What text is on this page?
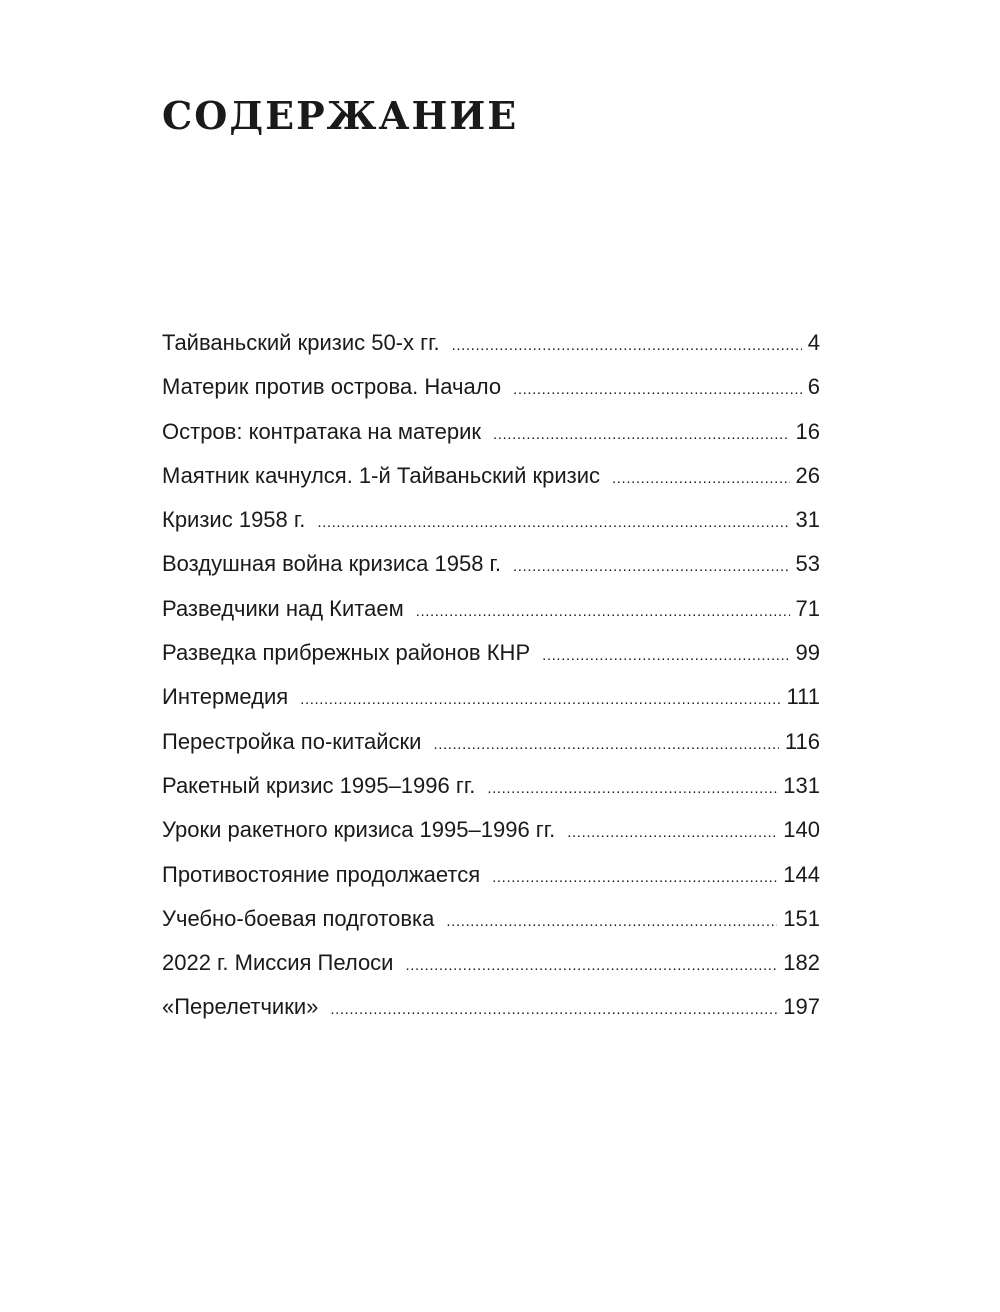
СОДЕРЖАНИЕ
Тайваньский кризис 50-х гг. .....	4
Материк против острова. Начало .....	6
Остров: контратака на материк .....	16
Маятник качнулся. 1-й Тайваньский кризис .....	26
Кризис 1958 г. .....	31
Воздушная война кризиса 1958 г. .....	53
Разведчики над Китаем .....	71
Разведка прибрежных районов КНР .....	99
Интермедия .....	111
Перестройка по-китайски .....	116
Ракетный кризис 1995–1996 гг. .....	131
Уроки ракетного кризиса 1995–1996 гг. .....	140
Противостояние продолжается .....	144
Учебно-боевая подготовка .....	151
2022 г. Миссия Пелоси .....	182
«Перелетчики» .....	197
